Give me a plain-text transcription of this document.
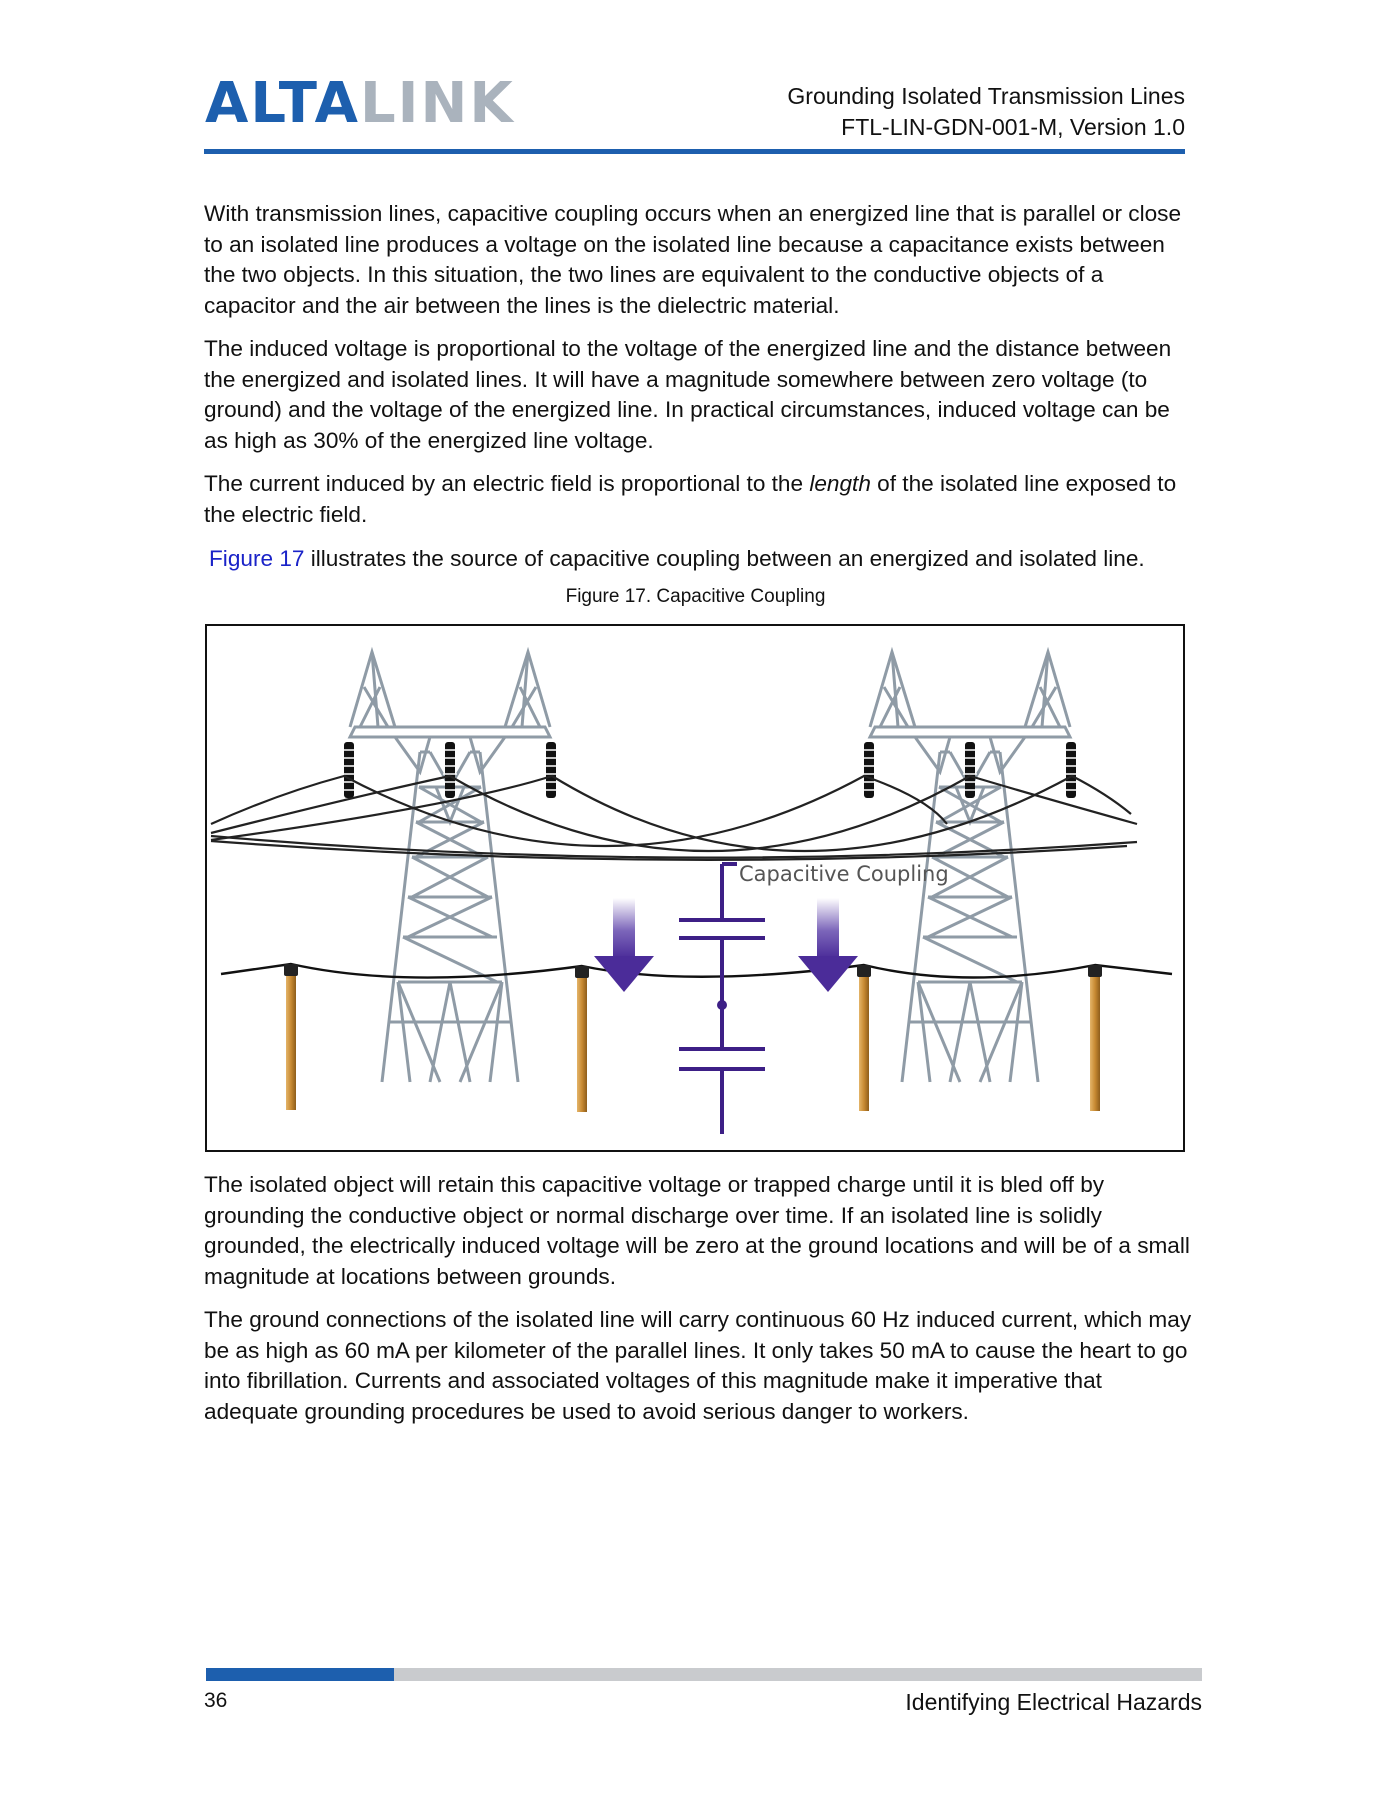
ALTA LINK	Grounding Isolated Transmission Lines
FTL-LIN-GDN-001-M, Version 1.0

With transmission lines, capacitive coupling occurs when an energized line that is parallel or close to an isolated line produces a voltage on the isolated line because a capacitance exists between the two objects. In this situation, the two lines are equivalent to the conductive objects of a capacitor and the air between the lines is the dielectric material.

The induced voltage is proportional to the voltage of the energized line and the distance between the energized and isolated lines. It will have a magnitude somewhere between zero voltage (to ground) and the voltage of the energized line. In practical circumstances, induced voltage can be as high as 30% of the energized line voltage.

The current induced by an electric field is proportional to the length of the isolated line exposed to the electric field.

Figure 17 illustrates the source of capacitive coupling between an energized and isolated line.
Figure 17. Capacitive Coupling
Capacitive Coupling

The isolated object will retain this capacitive voltage or trapped charge until it is bled off by grounding the conductive object or normal discharge over time. If an isolated line is solidly grounded, the electrically induced voltage will be zero at the ground locations and will be of a small magnitude at locations between grounds.

The ground connections of the isolated line will carry continuous 60 Hz induced current, which may be as high as 60 mA per kilometer of the parallel lines. It only takes 50 mA to cause the heart to go into fibrillation. Currents and associated voltages of this magnitude make it imperative that adequate grounding procedures be used to avoid serious danger to workers.

36	Identifying Electrical Hazards
